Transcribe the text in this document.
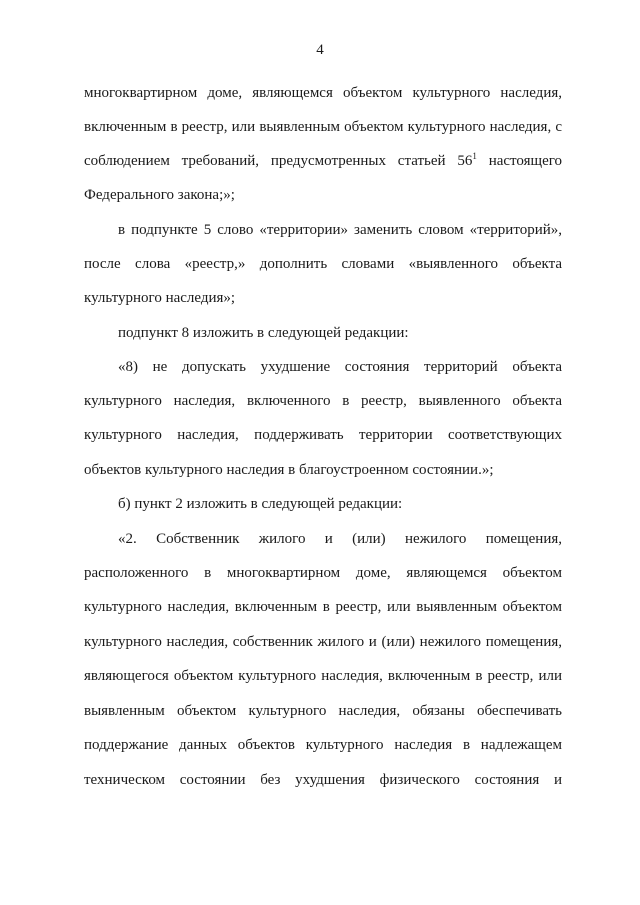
4
многоквартирном доме, являющемся объектом культурного наследия,
включенным в реестр, или выявленным объектом культурного наследия, с
соблюдением требований, предусмотренных статьей $56^1$ настоящего
Федерального закона;»;
в подпункте 5 слово «территории» заменить словом «территорий»,
после слова «реестр,» дополнить словами «выявленного объекта
культурного наследия»;
подпункт 8 изложить в следующей редакции:
«8) не допускать ухудшение состояния территорий объекта
культурного наследия, включенного в реестр, выявленного объекта
культурного наследия, поддерживать территории соответствующих
объектов культурного наследия в благоустроенном состоянии.»;
б) пункт 2 изложить в следующей редакции:
«2. Собственник жилого и (или) нежилого помещения,
расположенного в многоквартирном доме, являющемся объектом
культурного наследия, включенным в реестр, или выявленным объектом
культурного наследия, собственник жилого и (или) нежилого помещения,
являющегося объектом культурного наследия, включенным в реестр, или
выявленным объектом культурного наследия, обязаны обеспечивать
поддержание данных объектов культурного наследия в надлежащем
техническом состоянии без ухудшения физического состояния и
